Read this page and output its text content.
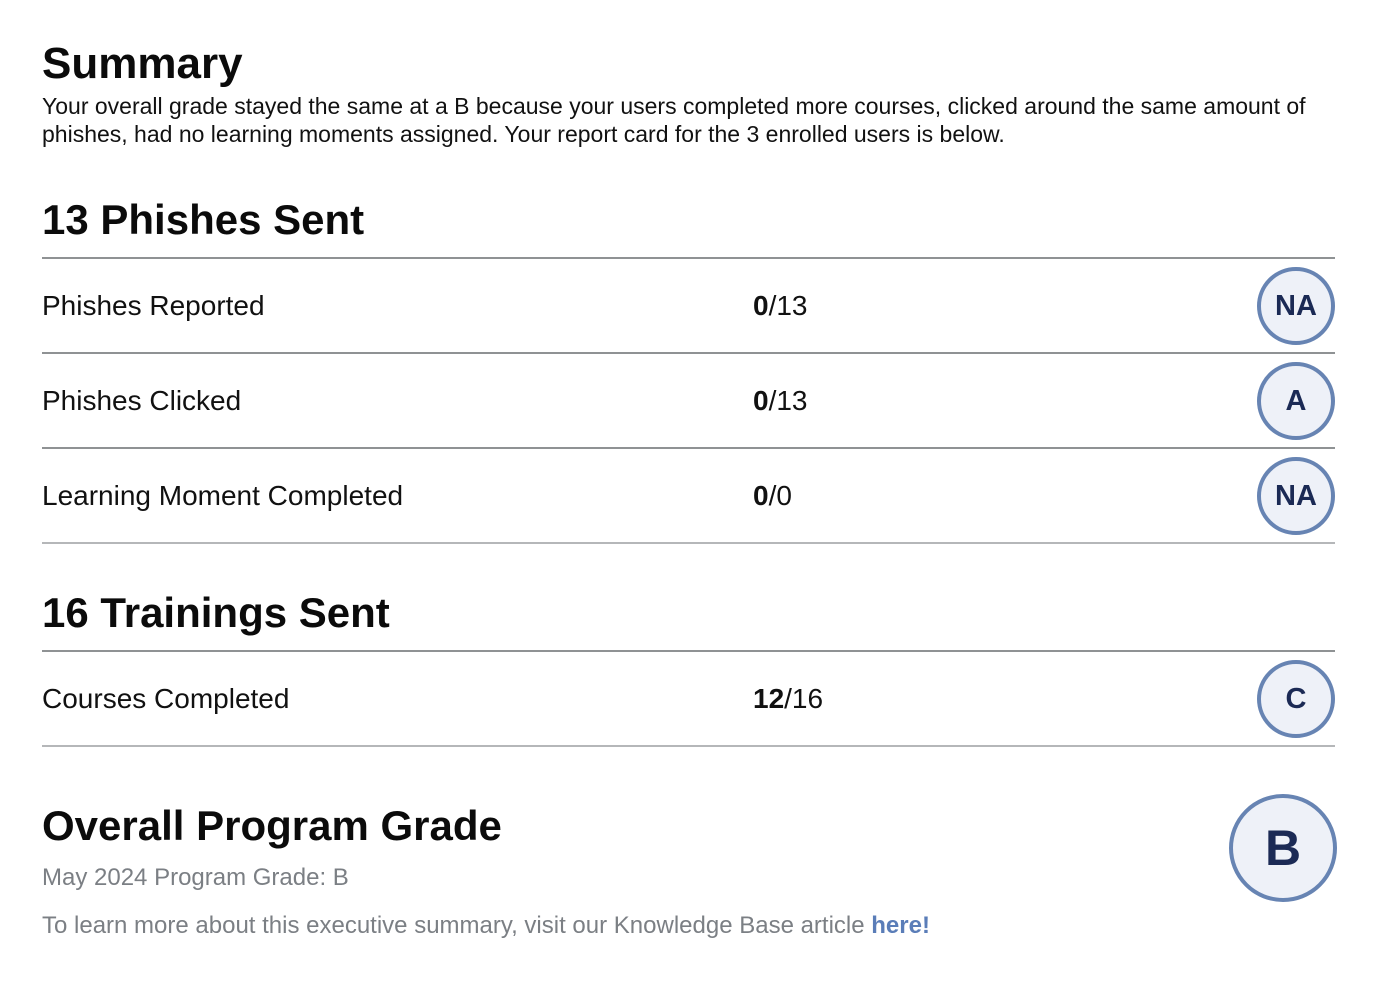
Summary

Your overall grade stayed the same at a B because your users completed more courses, clicked around the same amount of phishes, had no learning moments assigned. Your report card for the 3 enrolled users is below.

13 Phishes Sent
Phishes Reported	0/13	NA
Phishes Clicked	0/13	A
Learning Moment Completed	0/0	NA
16 Trainings Sent
Courses Completed	12/16	C
Overall Program Grade

May 2024 Program Grade: B

To learn more about this executive summary, visit our Knowledge Base article here!

B
